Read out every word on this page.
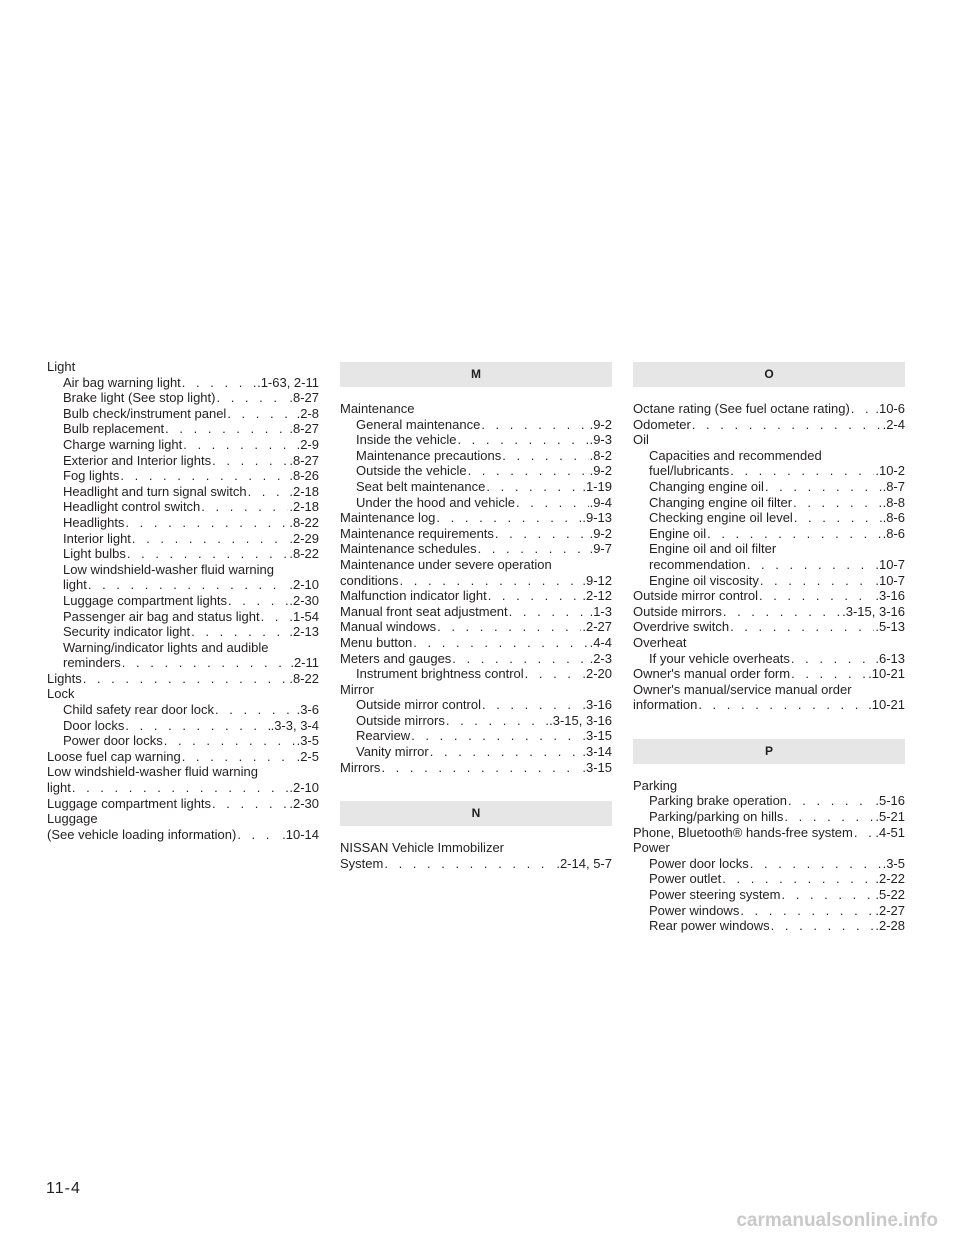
Light
Air bag warning light . . .	.1-63, 2-11
Brake light (See stop light) . . .	.8-27
Bulb check/instrument panel . . .	.2-8
Bulb replacement . . .	.8-27
Charge warning light . . .	.2-9
Exterior and Interior lights . . .	.8-27
Fog lights . . .	.8-26
Headlight and turn signal switch . . .	.2-18
Headlight control switch . . .	.2-18
Headlights . . .	.8-22
Interior light . . .	.2-29
Light bulbs . . .	.8-22
Low windshield-washer fluid warning
light . . .	.2-10
Luggage compartment lights . . .	.2-30
Passenger air bag and status light . . . .1-54
Security indicator light . . .	.2-13
Warning/indicator lights and audible
reminders . . .	.2-11
Lights . . .	.8-22
Lock
Child safety rear door lock . . .	.3-6
Door locks . . .	.3-3, 3-4
Power door locks . . .	.3-5
Loose fuel cap warning . . .	.2-5
Low windshield-washer fluid warning
light . . .	.2-10
Luggage compartment lights . . .	.2-30
Luggage
(See vehicle loading information) . . .	.10-14
M
Maintenance
General maintenance . . .	.9-2
Inside the vehicle . . .	.9-3
Maintenance precautions . . .	.8-2
Outside the vehicle . . .	.9-2
Seat belt maintenance . . .	.1-19
Under the hood and vehicle . . .	.9-4
Maintenance log . . .	.9-13
Maintenance requirements . . .	.9-2
Maintenance schedules . . .	.9-7
Maintenance under severe operation
conditions . . .	.9-12
Malfunction indicator light . . .	.2-12
Manual front seat adjustment . . .	.1-3
Manual windows . . .	.2-27
Menu button . . .	.4-4
Meters and gauges . . .	.2-3
Instrument brightness control . . .	.2-20
Mirror
Outside mirror control . . .	.3-16
Outside mirrors . . .	.3-15, 3-16
Rearview . . .	.3-15
Vanity mirror . . .	.3-14
Mirrors . . .	.3-15
N
NISSAN Vehicle Immobilizer
System . . .	.2-14, 5-7
O
Octane rating (See fuel octane rating) . . . .10-6
Odometer . . .	.2-4
Oil
Capacities and recommended
fuel/lubricants . . .	.10-2
Changing engine oil . . .	.8-7
Changing engine oil filter . . .	.8-8
Checking engine oil level . . .	.8-6
Engine oil . . .	.8-6
Engine oil and oil filter
recommendation . . .	.10-7
Engine oil viscosity . . .	.10-7
Outside mirror control . . .	.3-16
Outside mirrors . . .	.3-15, 3-16
Overdrive switch . . .	.5-13
Overheat
If your vehicle overheats . . .	.6-13
Owner's manual order form . . .	.10-21
Owner's manual/service manual order
information . . .	.10-21
P
Parking
Parking brake operation . . .	.5-16
Parking/parking on hills . . .	.5-21
Phone, Bluetooth® hands-free system . . . .4-51
Power
Power door locks . . .	.3-5
Power outlet . . .	.2-22
Power steering system . . .	.5-22
Power windows . . .	.2-27
Rear power windows . . .	.2-28
11-4
carmanualsonline.info
